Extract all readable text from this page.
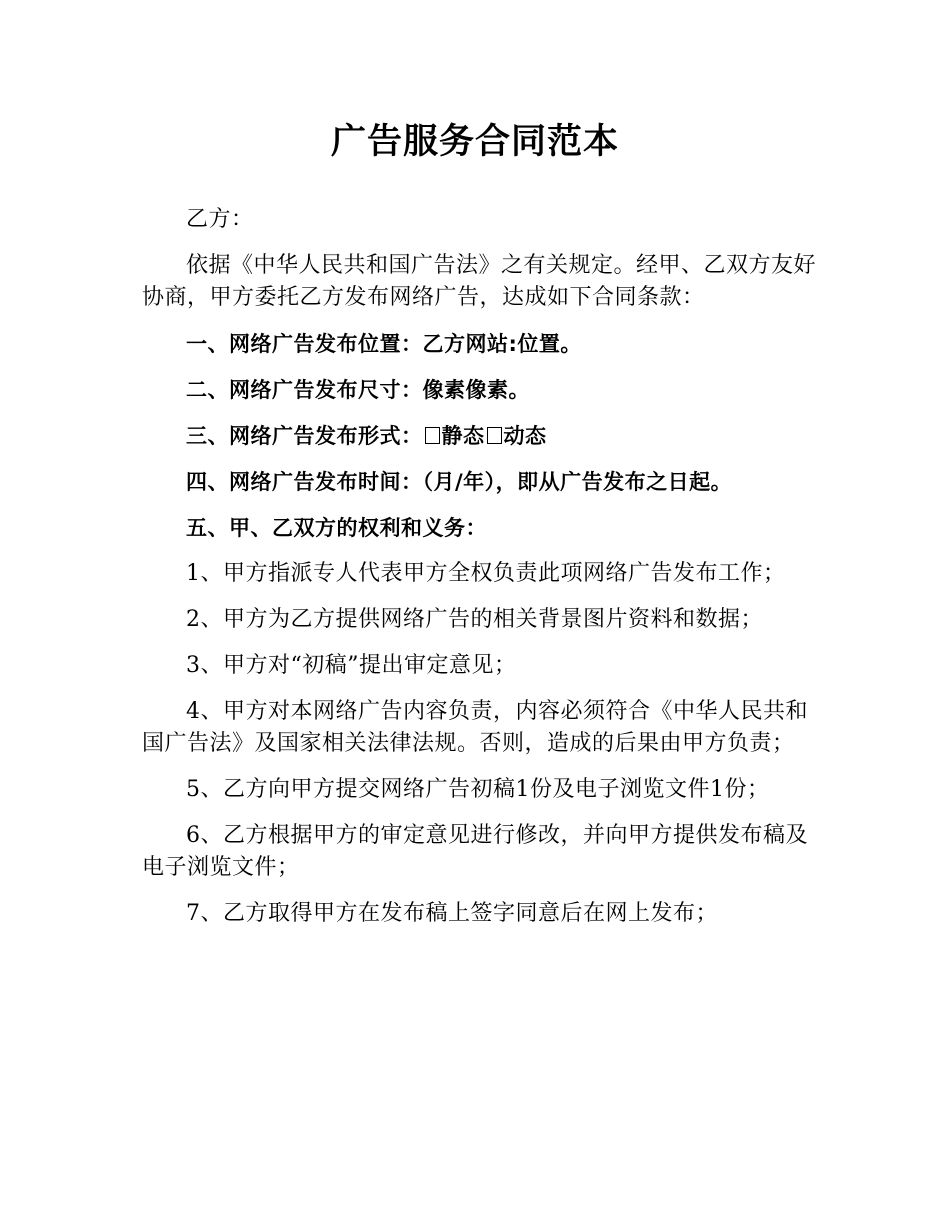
广告服务合同范本

乙方：

依据《中华人民共和国广告法》之有关规定。经甲、乙双方友好协商，甲方委托乙方发布网络广告，达成如下合同条款：

一、网络广告发布位置：乙方网站:位置。

二、网络广告发布尺寸：像素像素。

三、网络广告发布形式： 静态 动态

四、网络广告发布时间：（月/年），即从广告发布之日起。

五、甲、乙双方的权利和义务：

1、甲方指派专人代表甲方全权负责此项网络广告发布工作；

2、甲方为乙方提供网络广告的相关背景图片资料和数据；

3、甲方对“初稿”提出审定意见；

4、甲方对本网络广告内容负责，内容必须符合《中华人民共和国广告法》及国家相关法律法规。否则，造成的后果由甲方负责；

5、乙方向甲方提交网络广告初稿1份及电子浏览文件1份；

6、乙方根据甲方的审定意见进行修改，并向甲方提供发布稿及电子浏览文件；

7、乙方取得甲方在发布稿上签字同意后在网上发布；
